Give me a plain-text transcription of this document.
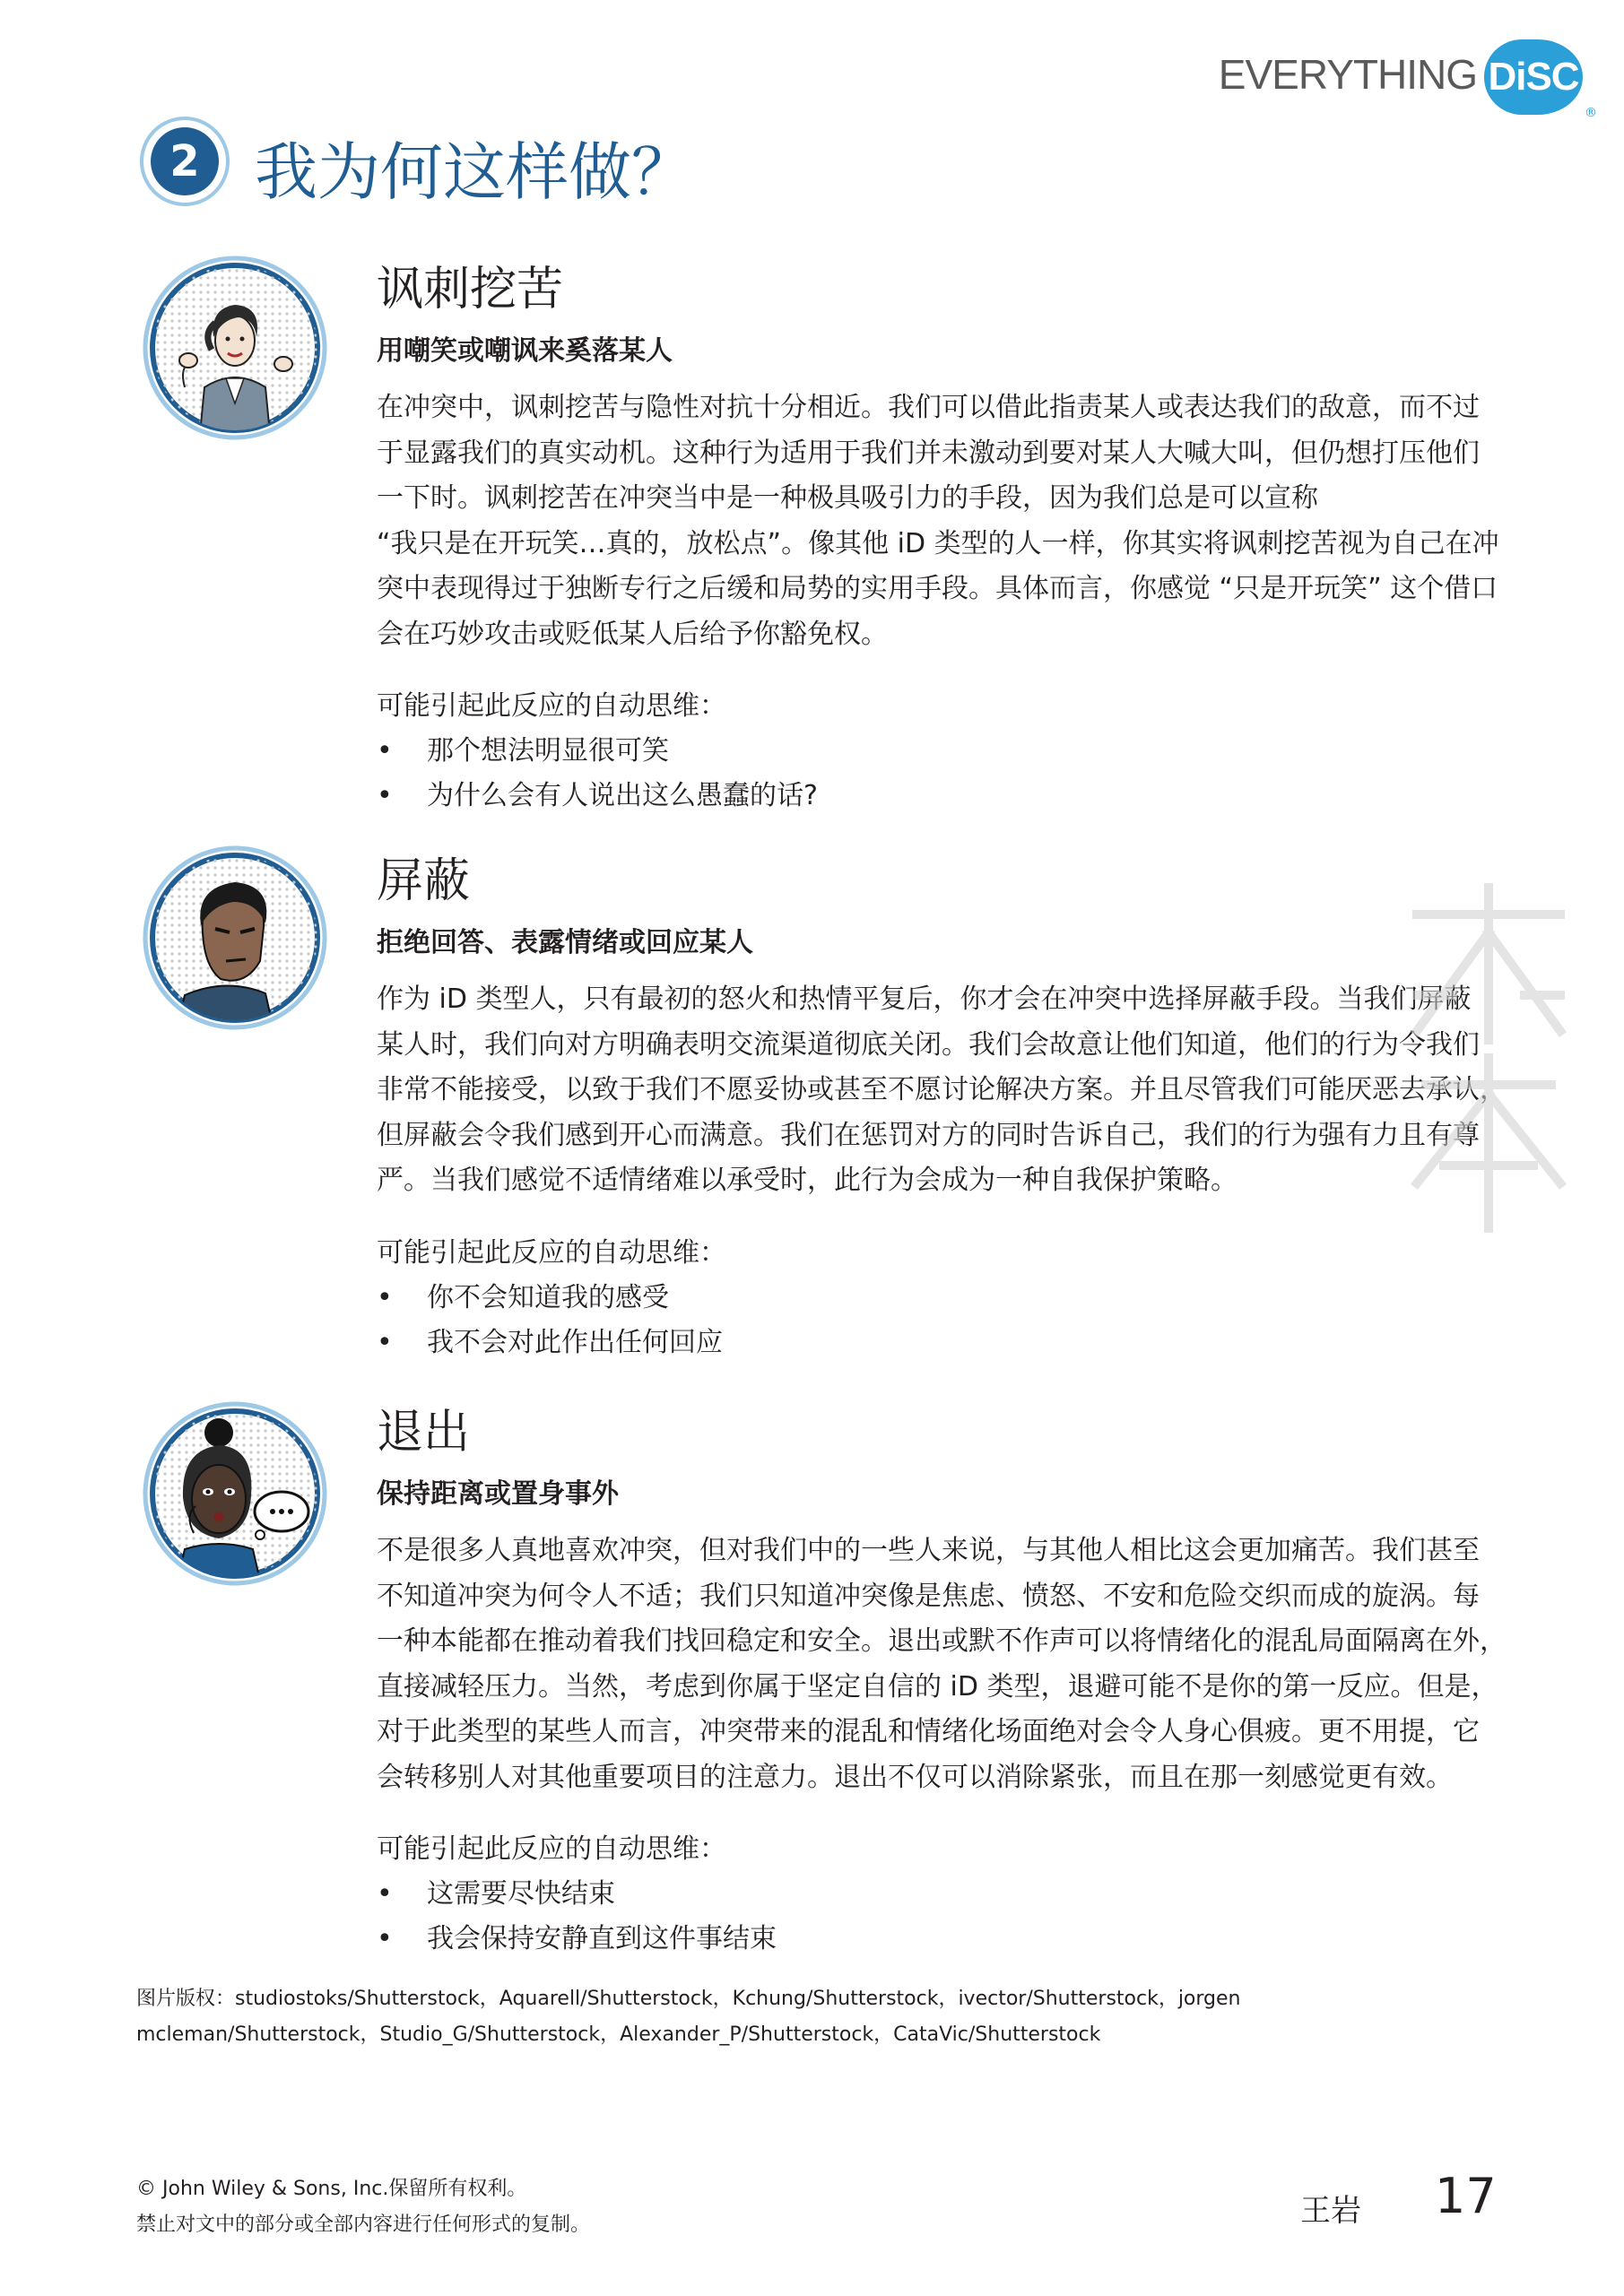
EVERYTHING DiSC
®
2 我为何这样做？
讽刺挖苦
用嘲笑或嘲讽来奚落某人

在冲突中，讽刺挖苦与隐性对抗十分相近。我们可以借此指责某人或表达我们的敌意，而不过
于显露我们的真实动机。这种行为适用于我们并未激动到要对某人大喊大叫，但仍想打压他们
一下时。讽刺挖苦在冲突当中是一种极具吸引力的手段，因为我们总是可以宣称
“我只是在开玩笑…真的，放松点”。像其他 iD 类型的人一样，你其实将讽刺挖苦视为自己在冲
突中表现得过于独断专行之后缓和局势的实用手段。具体而言，你感觉 “只是开玩笑” 这个借口
会在巧妙攻击或贬低某人后给予你豁免权。

可能引起此反应的自动思维：
• 那个想法明显很可笑
• 为什么会有人说出这么愚蠢的话?
屏蔽
拒绝回答、表露情绪或回应某人

作为 iD 类型人，只有最初的怒火和热情平复后，你才会在冲突中选择屏蔽手段。当我们屏蔽
某人时，我们向对方明确表明交流渠道彻底关闭。我们会故意让他们知道，他们的行为令我们
非常不能接受，以致于我们不愿妥协或甚至不愿讨论解决方案。并且尽管我们可能厌恶去承认，
但屏蔽会令我们感到开心而满意。我们在惩罚对方的同时告诉自己，我们的行为强有力且有尊
严。当我们感觉不适情绪难以承受时，此行为会成为一种自我保护策略。

可能引起此反应的自动思维：
• 你不会知道我的感受
• 我不会对此作出任何回应
退出
保持距离或置身事外

不是很多人真地喜欢冲突，但对我们中的一些人来说，与其他人相比这会更加痛苦。我们甚至
不知道冲突为何令人不适；我们只知道冲突像是焦虑、愤怒、不安和危险交织而成的旋涡。每
一种本能都在推动着我们找回稳定和安全。退出或默不作声可以将情绪化的混乱局面隔离在外，
直接减轻压力。当然，考虑到你属于坚定自信的 iD 类型，退避可能不是你的第一反应。但是，
对于此类型的某些人而言，冲突带来的混乱和情绪化场面绝对会令人身心俱疲。更不用提，它
会转移别人对其他重要项目的注意力。退出不仅可以消除紧张，而且在那一刻感觉更有效。

可能引起此反应的自动思维：
• 这需要尽快结束
• 我会保持安静直到这件事结束
图片版权：studiostoks/Shutterstock，Aquarell/Shutterstock，Kchung/Shutterstock，ivector/Shutterstock，jorgen
mcleman/Shutterstock，Studio_G/Shutterstock，Alexander_P/Shutterstock，CataVic/Shutterstock
© John Wiley & Sons, Inc.保留所有权利。
禁止对文中的部分或全部内容进行任何形式的复制。	王岩 17
